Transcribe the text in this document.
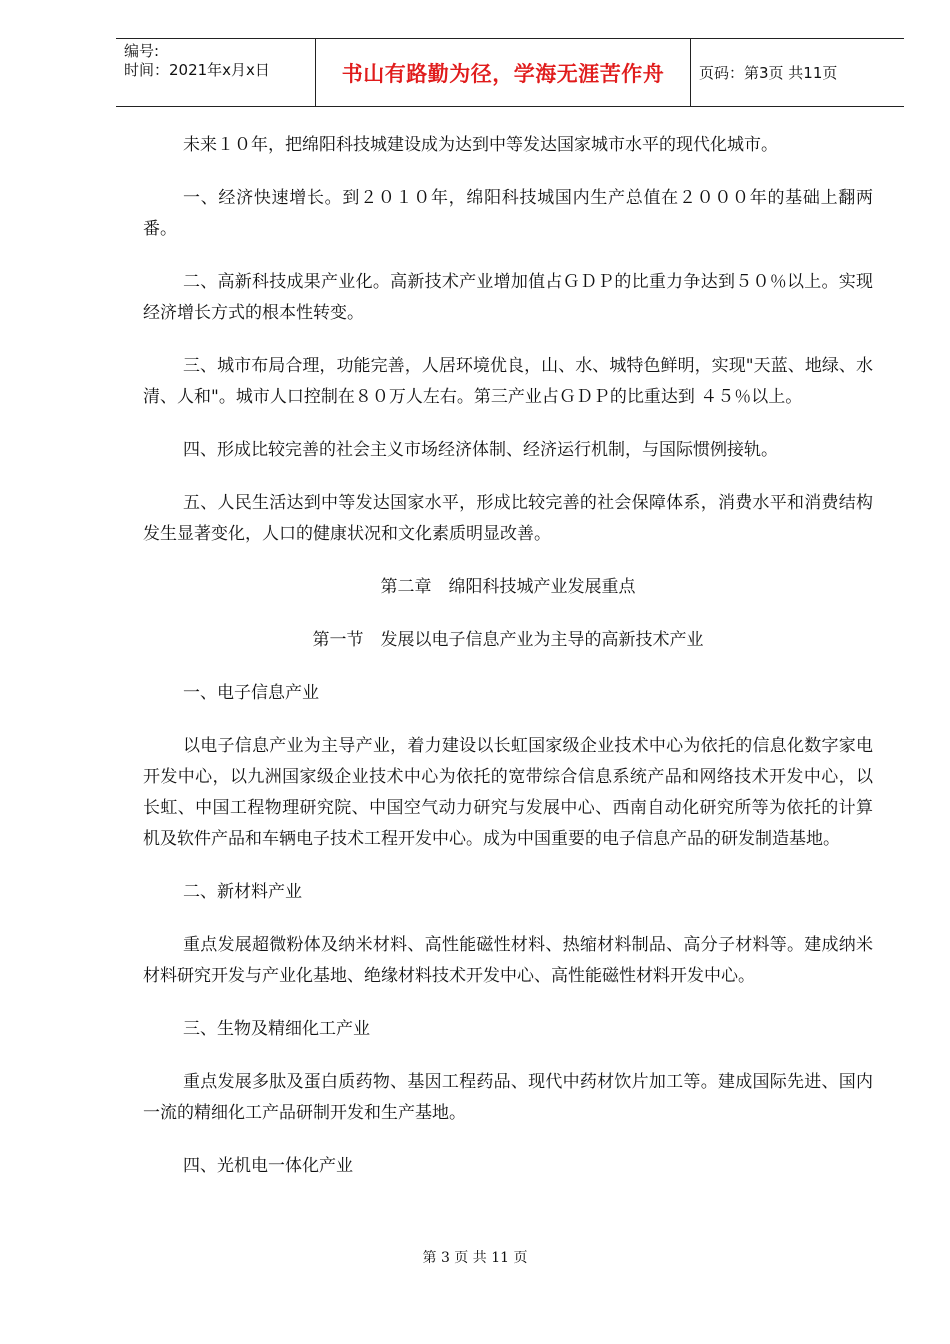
编号:
时间：2021年x月x日	书山有路勤为径，学海无涯苦作舟	页码：第3页 共11页

未来１０年，把绵阳科技城建设成为达到中等发达国家城市水平的现代化城市。

一、经济快速增长。到２０１０年，绵阳科技城国内生产总值在２０００年的基础上翻两番。

二、高新科技成果产业化。高新技术产业增加值占ＧＤＰ的比重力争达到５０％以上。实现经济增长方式的根本性转变。

三、城市布局合理，功能完善，人居环境优良，山、水、城特色鲜明，实现"天蓝、地绿、水清、人和"。城市人口控制在８０万人左右。第三产业占ＧＤＰ的比重达到 ４５％以上。

四、形成比较完善的社会主义市场经济体制、经济运行机制，与国际惯例接轨。

五、人民生活达到中等发达国家水平，形成比较完善的社会保障体系，消费水平和消费结构发生显著变化，人口的健康状况和文化素质明显改善。

第二章　绵阳科技城产业发展重点

第一节　发展以电子信息产业为主导的高新技术产业

一、电子信息产业

以电子信息产业为主导产业，着力建设以长虹国家级企业技术中心为依托的信息化数字家电开发中心，以九洲国家级企业技术中心为依托的宽带综合信息系统产品和网络技术开发中心，以长虹、中国工程物理研究院、中国空气动力研究与发展中心、西南自动化研究所等为依托的计算机及软件产品和车辆电子技术工程开发中心。成为中国重要的电子信息产品的研发制造基地。

二、新材料产业

重点发展超微粉体及纳米材料、高性能磁性材料、热缩材料制品、高分子材料等。建成纳米材料研究开发与产业化基地、绝缘材料技术开发中心、高性能磁性材料开发中心。

三、生物及精细化工产业

重点发展多肽及蛋白质药物、基因工程药品、现代中药材饮片加工等。建成国际先进、国内一流的精细化工产品研制开发和生产基地。

四、光机电一体化产业

第 3 页 共 11 页
